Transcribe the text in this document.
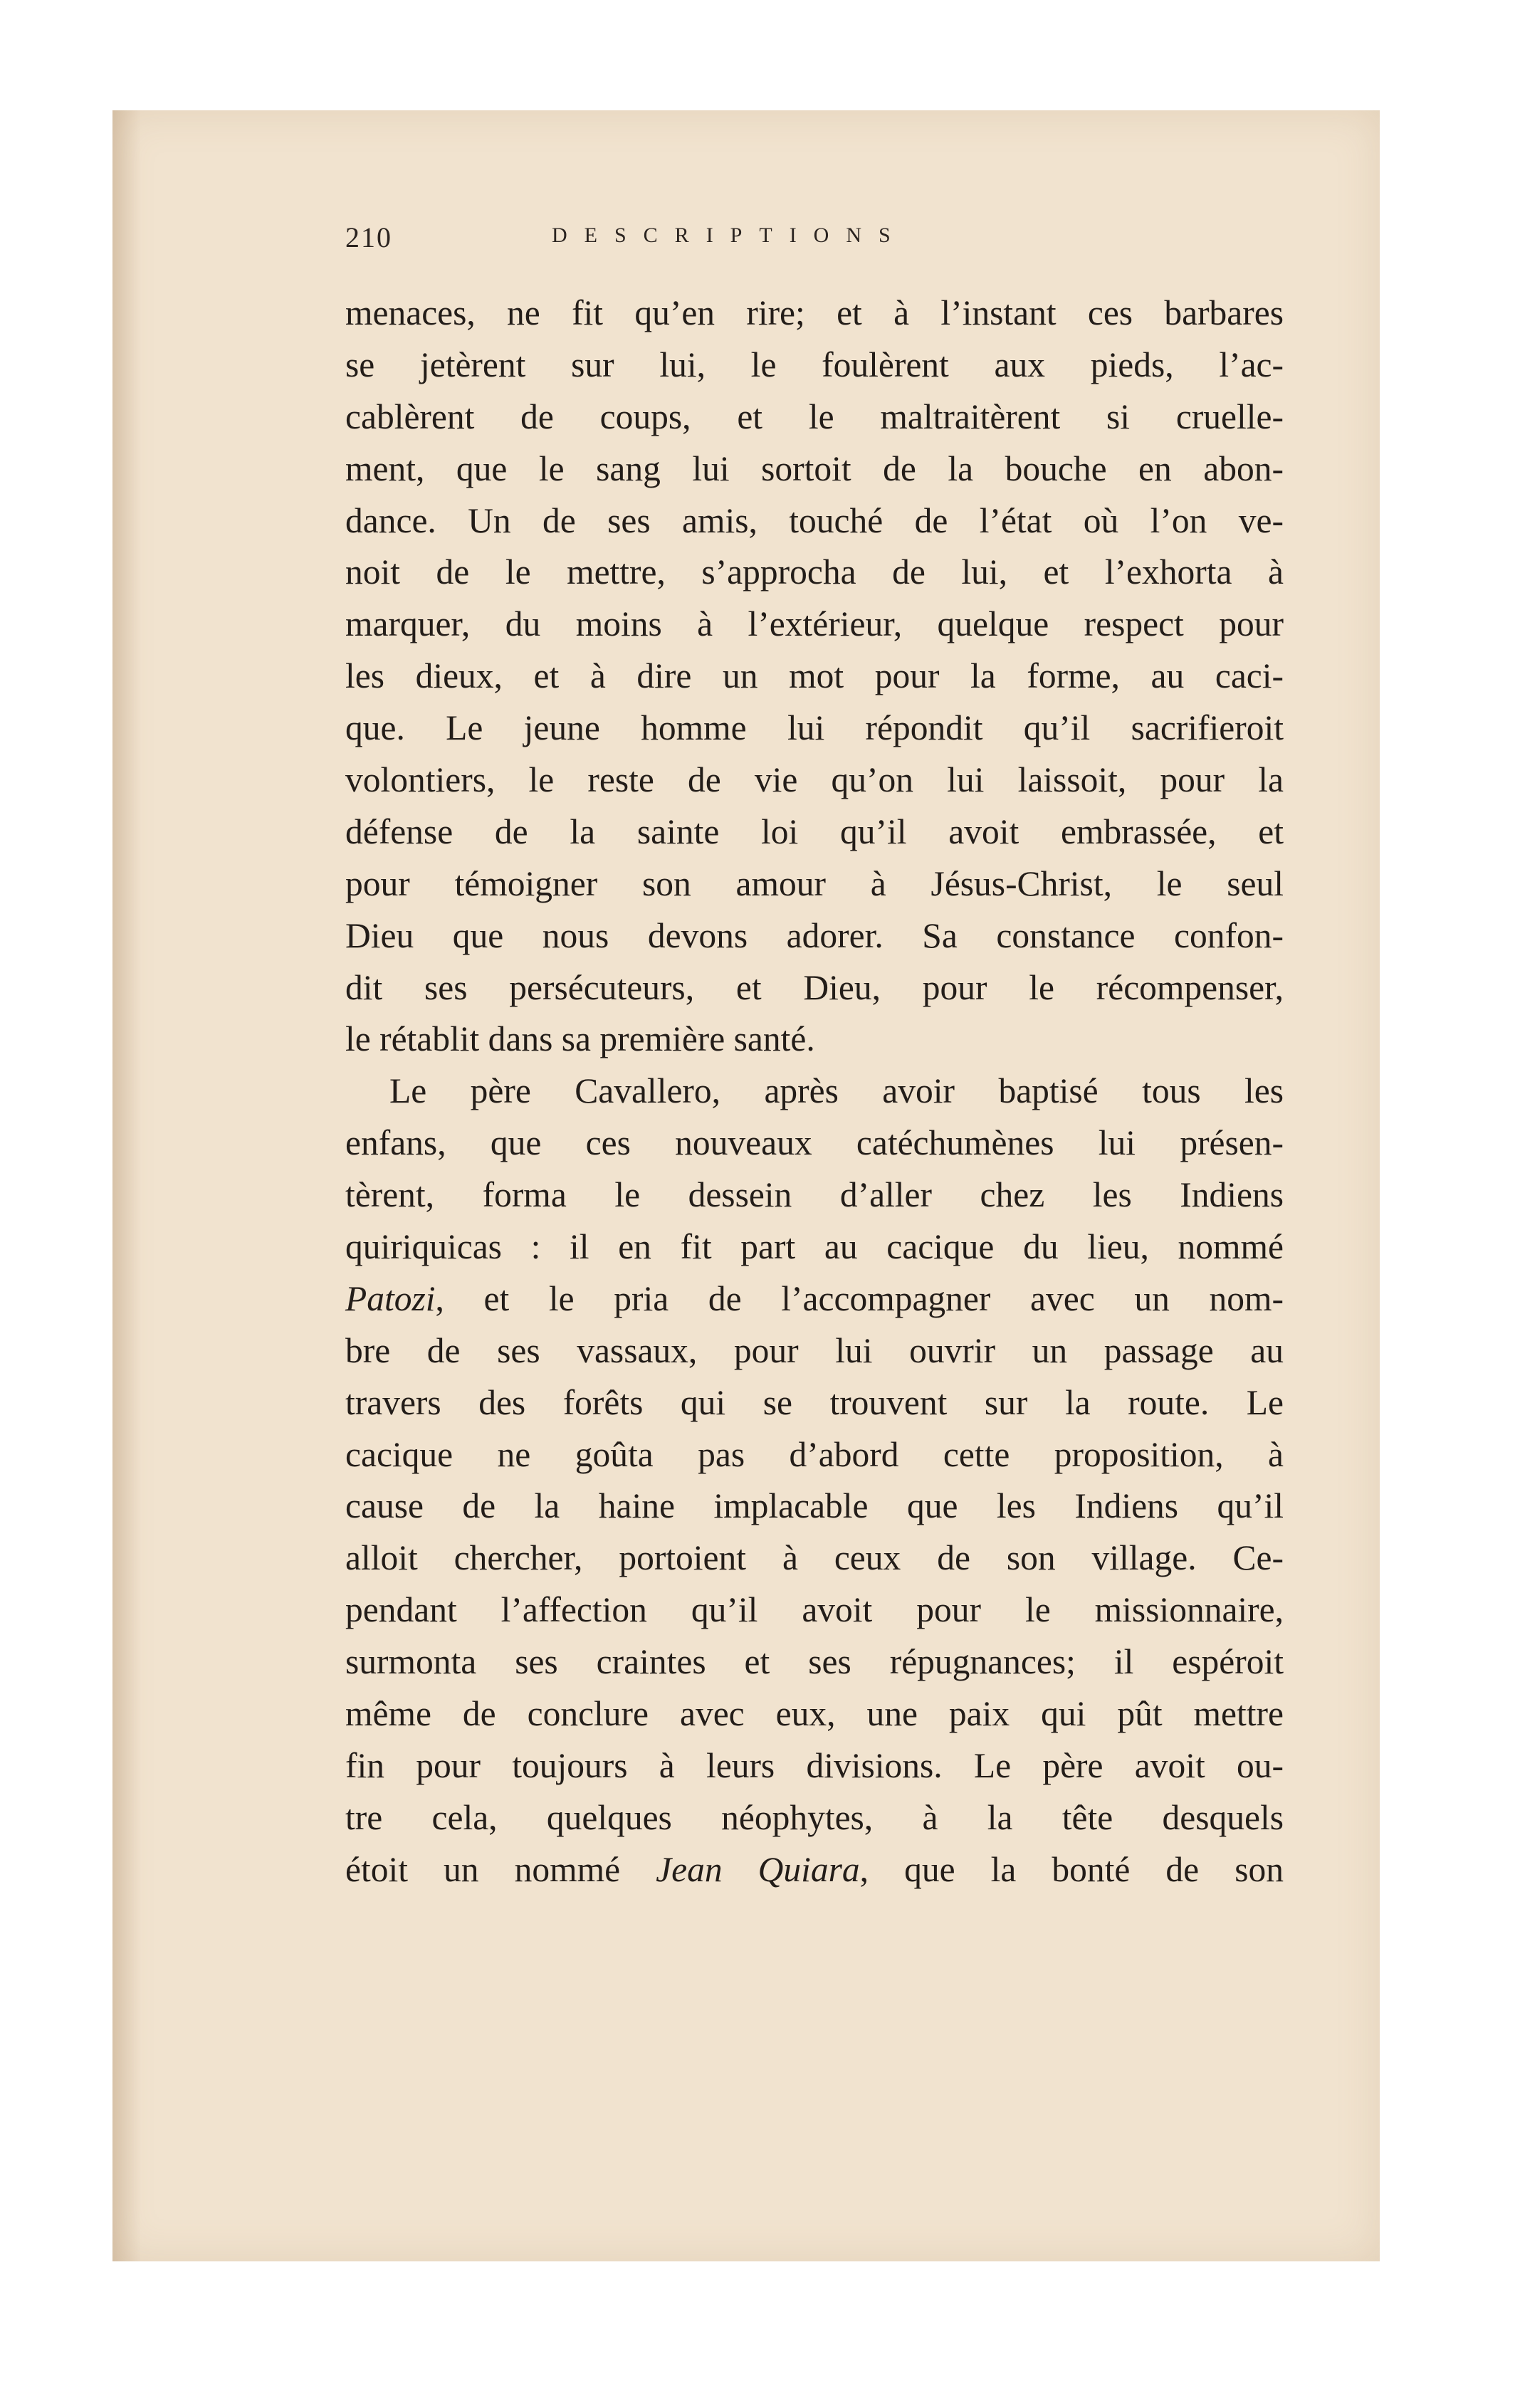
210	DESCRIPTIONS
menaces, ne fit qu’en rire; et à l’instant ces barbares
se jetèrent sur lui, le foulèrent aux pieds, l’ac-
cablèrent de coups, et le maltraitèrent si cruelle-
ment, que le sang lui sortoit de la bouche en abon-
dance. Un de ses amis, touché de l’état où l’on ve-
noit de le mettre, s’approcha de lui, et l’exhorta à
marquer, du moins à l’extérieur, quelque respect pour
les dieux, et à dire un mot pour la forme, au caci-
que. Le jeune homme lui répondit qu’il sacrifieroit
volontiers, le reste de vie qu’on lui laissoit, pour la
défense de la sainte loi qu’il avoit embrassée, et
pour témoigner son amour à Jésus-Christ, le seul
Dieu que nous devons adorer. Sa constance confon-
dit ses persécuteurs, et Dieu, pour le récompenser,
le rétablit dans sa première santé.
Le père Cavallero, après avoir baptisé tous les
enfans, que ces nouveaux catéchumènes lui présen-
tèrent, forma le dessein d’aller chez les Indiens
quiriquicas : il en fit part au cacique du lieu, nommé
Patozi, et le pria de l’accompagner avec un nom-
bre de ses vassaux, pour lui ouvrir un passage au
travers des forêts qui se trouvent sur la route. Le
cacique ne goûta pas d’abord cette proposition, à
cause de la haine implacable que les Indiens qu’il
alloit chercher, portoient à ceux de son village. Ce-
pendant l’affection qu’il avoit pour le missionnaire,
surmonta ses craintes et ses répugnances; il espéroit
même de conclure avec eux, une paix qui pût mettre
fin pour toujours à leurs divisions. Le père avoit ou-
tre cela, quelques néophytes, à la tête desquels
étoit un nommé Jean Quiara, que la bonté de son
